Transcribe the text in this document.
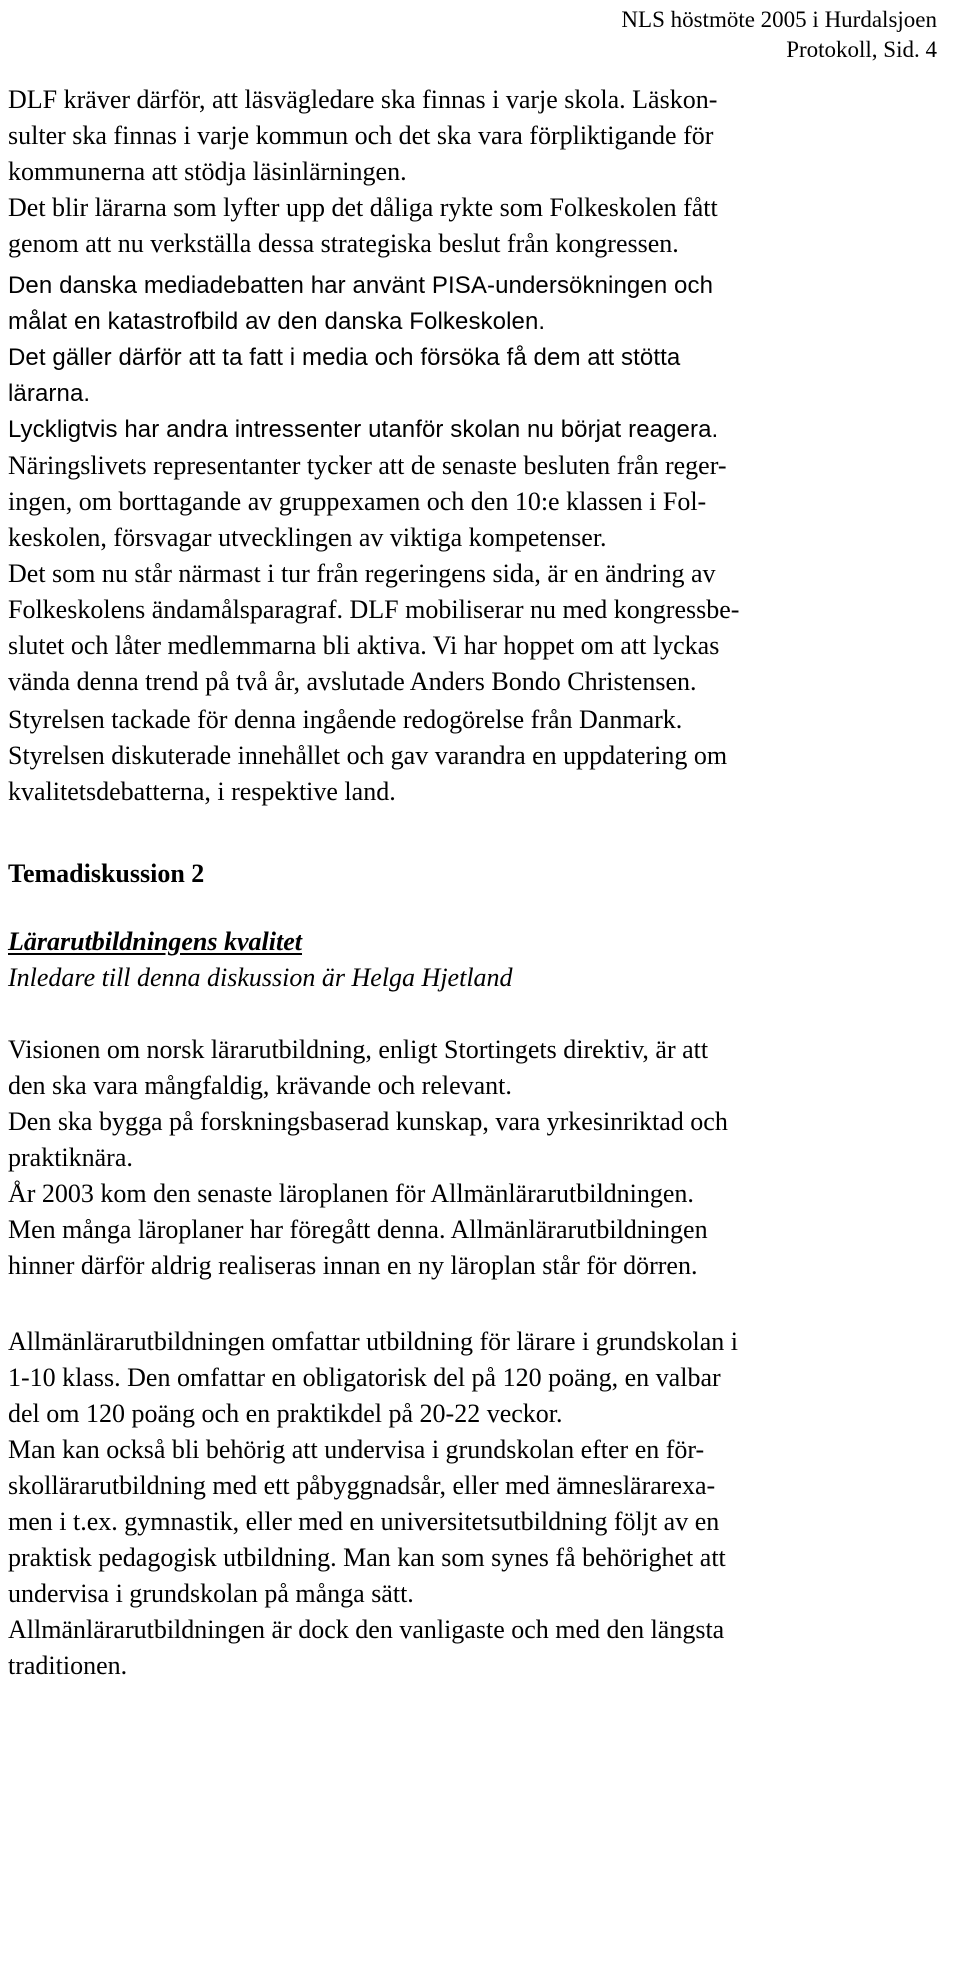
NLS höstmöte 2005 i Hurdalsjoen
Protokoll, Sid. 4
DLF kräver därför, att läsvägledare ska finnas i varje skola. Läskon-
sulter ska finnas i varje kommun och det ska vara förpliktigande för
kommunerna att stödja läsinlärningen.
Det blir lärarna som lyfter upp det dåliga rykte som Folkeskolen fått
genom att nu verkställa dessa strategiska beslut från kongressen.
Den danska mediadebatten har använt PISA-undersökningen och
målat en katastrofbild av den danska Folkeskolen.
Det gäller därför att ta fatt i media och försöka få dem att stötta
lärarna.
Lyckligtvis har andra intressenter utanför skolan nu börjat reagera.
Näringslivets representanter tycker att de senaste besluten från reger-
ingen, om borttagande av gruppexamen och den 10:e klassen i Fol-
keskolen, försvagar utvecklingen av viktiga kompetenser.
Det som nu står närmast i tur från regeringens sida, är en ändring av
Folkeskolens ändamålsparagraf. DLF mobiliserar nu med kongressbe-
slutet och låter medlemmarna bli aktiva. Vi har hoppet om att lyckas
vända denna trend på två år, avslutade Anders Bondo Christensen.
Styrelsen tackade för denna ingående redogörelse från Danmark.
Styrelsen diskuterade innehållet och gav varandra en uppdatering om
kvalitetsdebatterna, i respektive land.
Temadiskussion 2
Lärarutbildningens kvalitet
Inledare till denna diskussion är Helga Hjetland
Visionen om norsk lärarutbildning, enligt Stortingets direktiv, är att
den ska vara mångfaldig, krävande och relevant.
Den ska bygga på forskningsbaserad kunskap, vara yrkesinriktad och
praktiknära.
År 2003 kom den senaste läroplanen för Allmänlärarutbildningen.
Men många läroplaner har föregått denna. Allmänlärarutbildningen
hinner därför aldrig realiseras innan en ny läroplan står för dörren.
Allmänlärarutbildningen omfattar utbildning för lärare i grundskolan i
1-10 klass. Den omfattar en obligatorisk del på 120 poäng, en valbar
del om 120 poäng och en praktikdel på 20-22 veckor.
Man kan också bli behörig att undervisa i grundskolan efter en för-
skollärarutbildning med ett påbyggnadsår, eller med ämneslärarexa-
men i t.ex. gymnastik, eller med en universitetsutbildning följt av en
praktisk pedagogisk utbildning. Man kan som synes få behörighet att
undervisa i grundskolan på många sätt.
Allmänlärarutbildningen är dock den vanligaste och med den längsta
traditionen.
